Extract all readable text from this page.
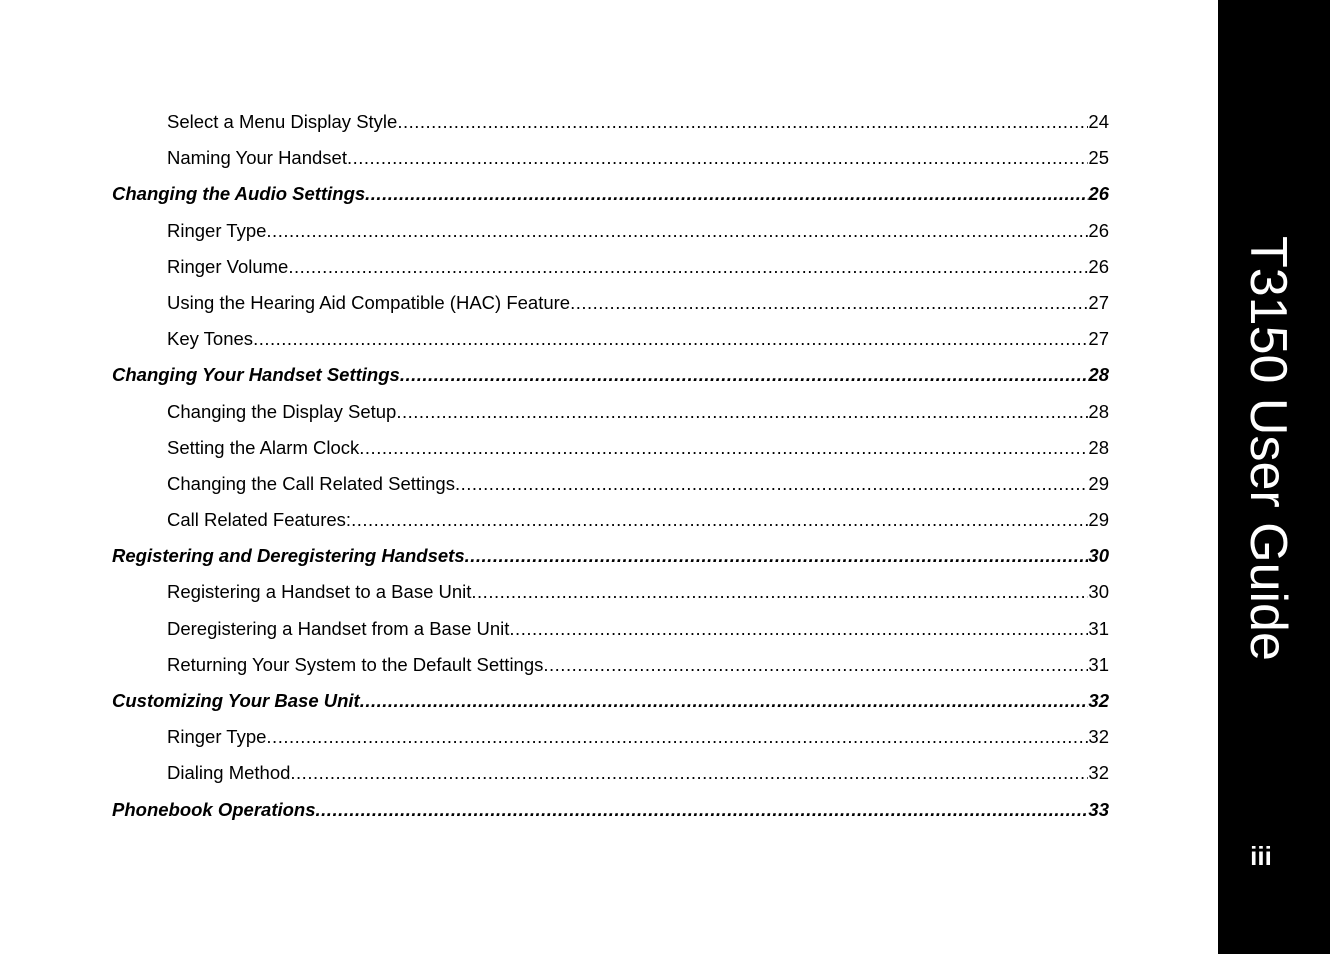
Select a Menu Display Style .....	24
Naming Your Handset .....	25
Changing the Audio Settings .....	26
Ringer Type .....	26
Ringer Volume .....	26
Using the Hearing Aid Compatible (HAC) Feature .....	27
Key Tones .....	27
Changing Your Handset Settings .....	28
Changing the Display Setup .....	28
Setting the Alarm Clock .....	28
Changing the Call Related Settings .....	29
Call Related Features: .....	29
Registering and Deregistering Handsets .....	30
Registering a Handset to a Base Unit .....	30
Deregistering a Handset from a Base Unit .....	31
Returning Your System to the Default Settings .....	31
Customizing Your Base Unit .....	32
Ringer Type .....	32
Dialing Method .....	32
Phonebook Operations .....	33
T3150 User Guide
iii
